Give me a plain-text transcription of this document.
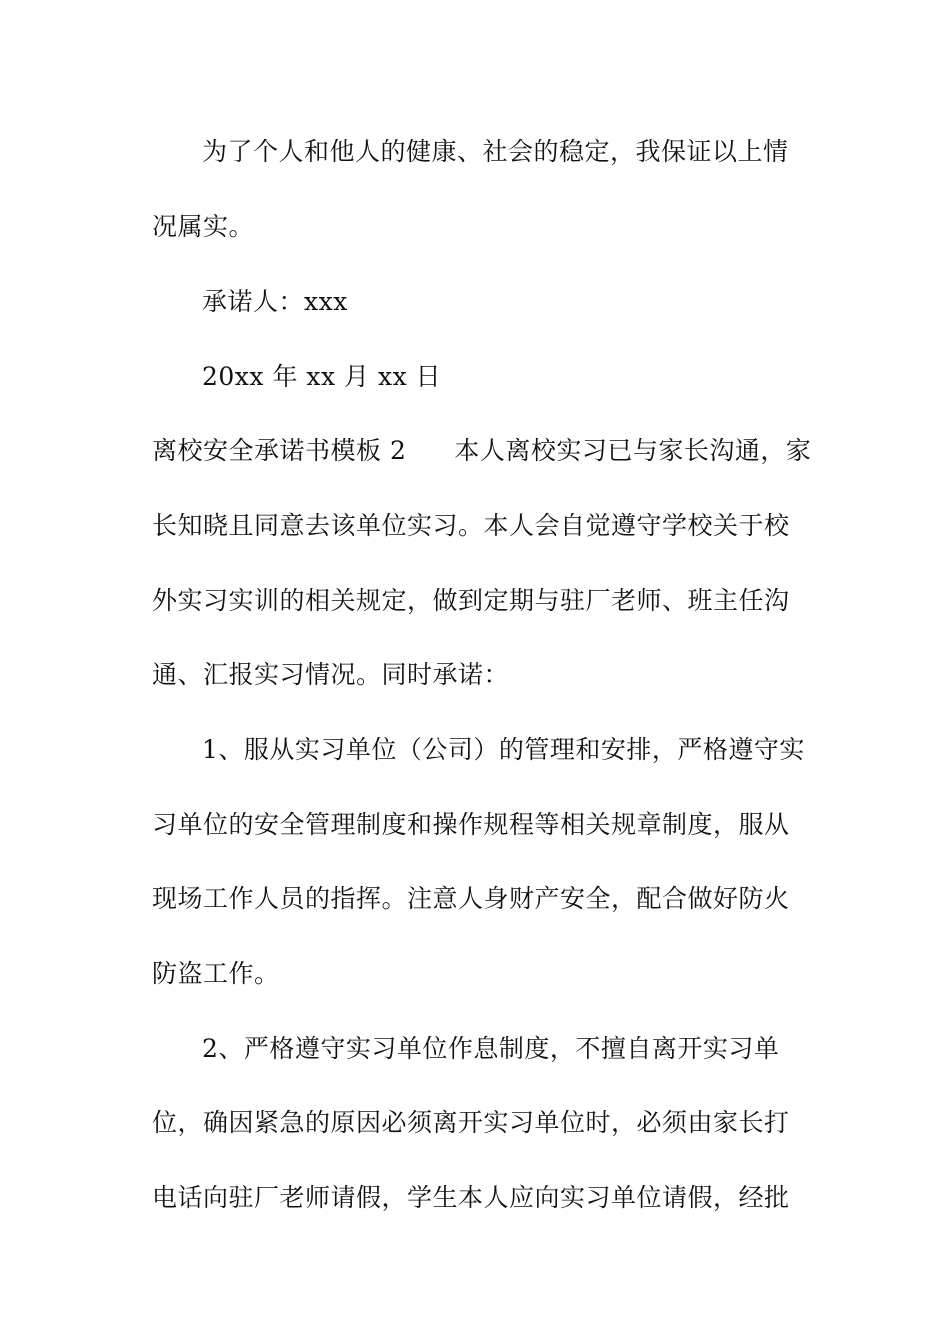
为了个人和他人的健康、社会的稳定，我保证以上情
况属实。
承诺人：xxx
20xx 年 xx 月 xx 日
离校安全承诺书模板 2 本人离校实习已与家长沟通，家
长知晓且同意去该单位实习。本人会自觉遵守学校关于校
外实习实训的相关规定，做到定期与驻厂老师、班主任沟
通、汇报实习情况。同时承诺：
1、服从实习单位（公司）的管理和安排，严格遵守实
习单位的安全管理制度和操作规程等相关规章制度，服从
现场工作人员的指挥。注意人身财产安全，配合做好防火
防盗工作。
2、严格遵守实习单位作息制度，不擅自离开实习单
位，确因紧急的原因必须离开实习单位时，必须由家长打
电话向驻厂老师请假，学生本人应向实习单位请假，经批
